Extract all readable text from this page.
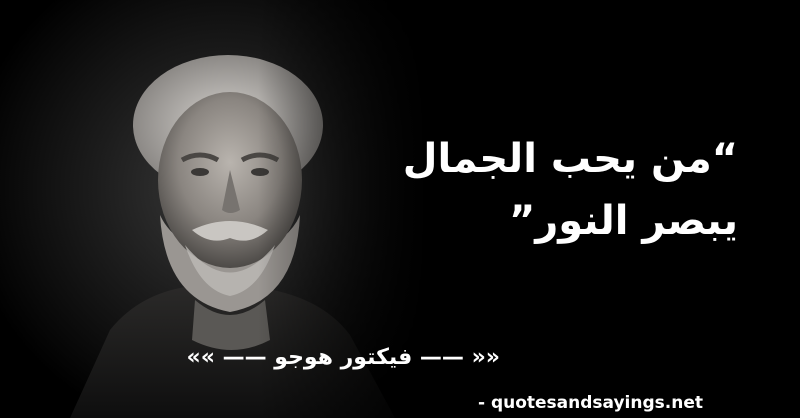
“من يحب الجمال
يبصر النور”
«« —— فيكتور هوجو —— »»
- quotesandsayings.net
